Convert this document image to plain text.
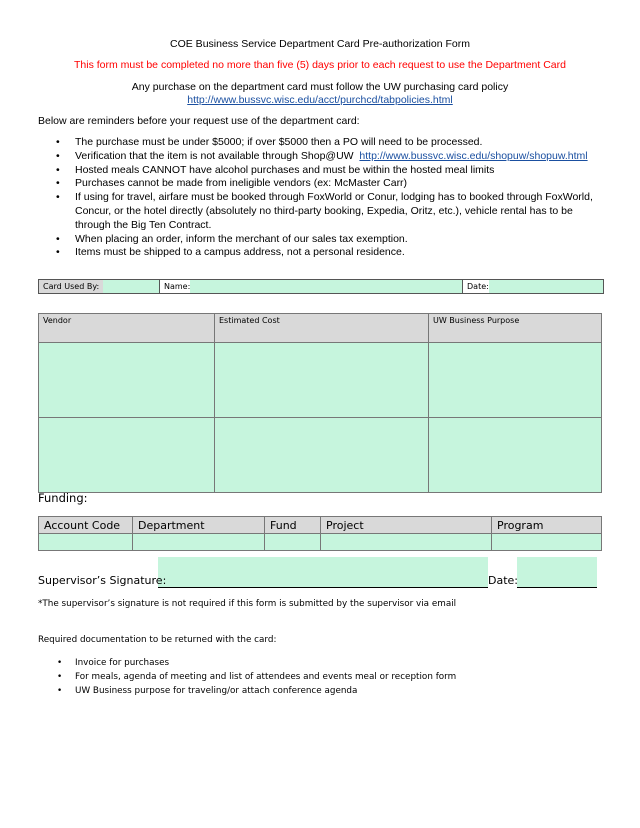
COE Business Service Department Card Pre-authorization Form
This form must be completed no more than five (5) days prior to each request to use the Department Card
Any purchase on the department card must follow the UW purchasing card policy
http://www.bussvc.wisc.edu/acct/purchcd/tabpolicies.html
Below are reminders before your request use of the department card:
• The purchase must be under $5000; if over $5000 then a PO will need to be processed.
• Verification that the item is not available through Shop@UW http://www.bussvc.wisc.edu/shopuw/shopuw.html
• Hosted meals CANNOT have alcohol purchases and must be within the hosted meal limits
• Purchases cannot be made from ineligible vendors (ex: McMaster Carr)
• If using for travel, airfare must be booked through FoxWorld or Conur, lodging has to booked through FoxWorld, Concur, or the hotel directly (absolutely no third-party booking, Expedia, Oritz, etc.), vehicle rental has to be through the Big Ten Contract.
• When placing an order, inform the merchant of our sales tax exemption.
• Items must be shipped to a campus address, not a personal residence.
Card Used By:	Name:	Date:
Vendor	Estimated Cost	UW Business Purpose

Funding:
Account Code	Department	Fund	Project	Program

Supervisor’s Signature:	Date:
*The supervisor’s signature is not required if this form is submitted by the supervisor via email
Required documentation to be returned with the card:
• Invoice for purchases
• For meals, agenda of meeting and list of attendees and events meal or reception form
• UW Business purpose for traveling/or attach conference agenda
